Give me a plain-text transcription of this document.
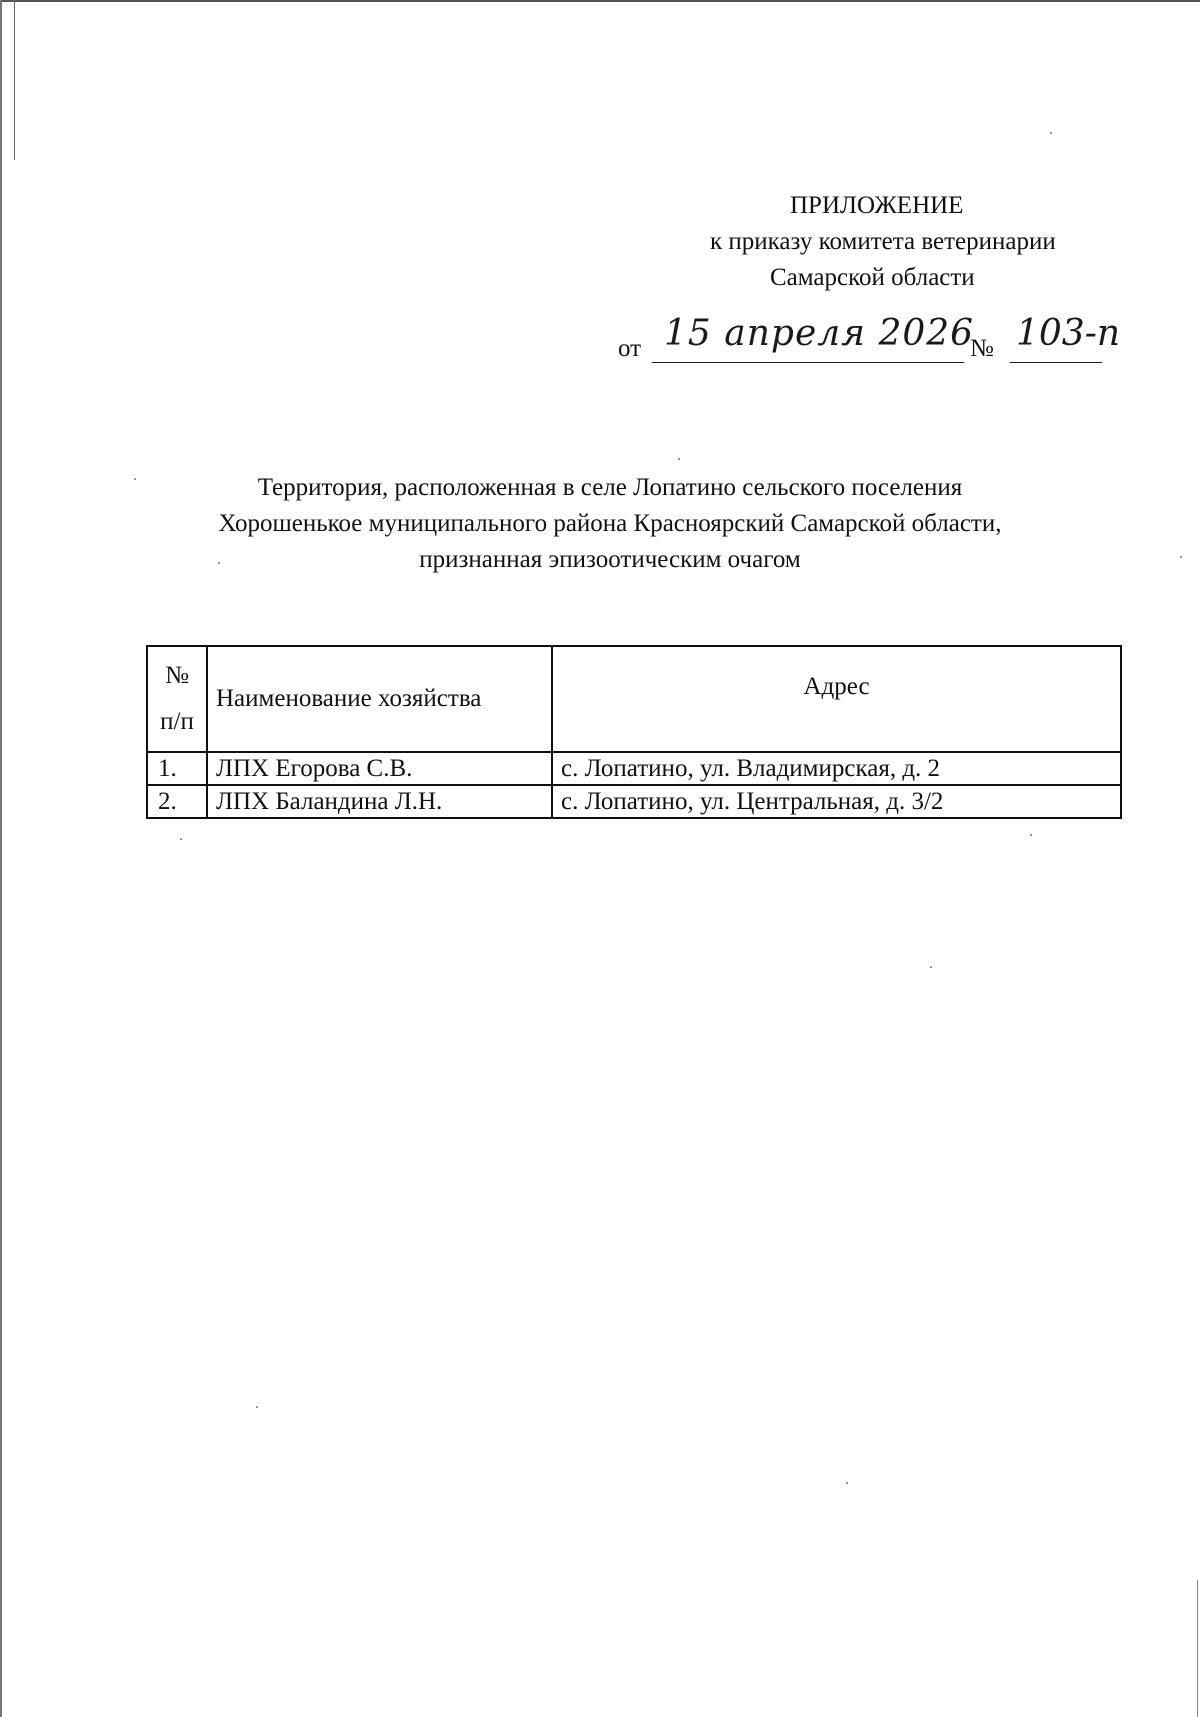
ПРИЛОЖЕНИЕ
к приказу комитета ветеринарии
Самарской области
от 15 апреля 2026
№ 103-п
Территория, расположенная в селе Лопатино сельского поселения
Хорошенькое муниципального района Красноярский Самарской области,
признанная эпизоотическим очагом
№
п/п	Наименование хозяйства	Адрес
1.	ЛПХ Егорова С.В.	с. Лопатино, ул. Владимирская, д. 2
2.	ЛПХ Баландина Л.Н.	с. Лопатино, ул. Центральная, д. 3/2
